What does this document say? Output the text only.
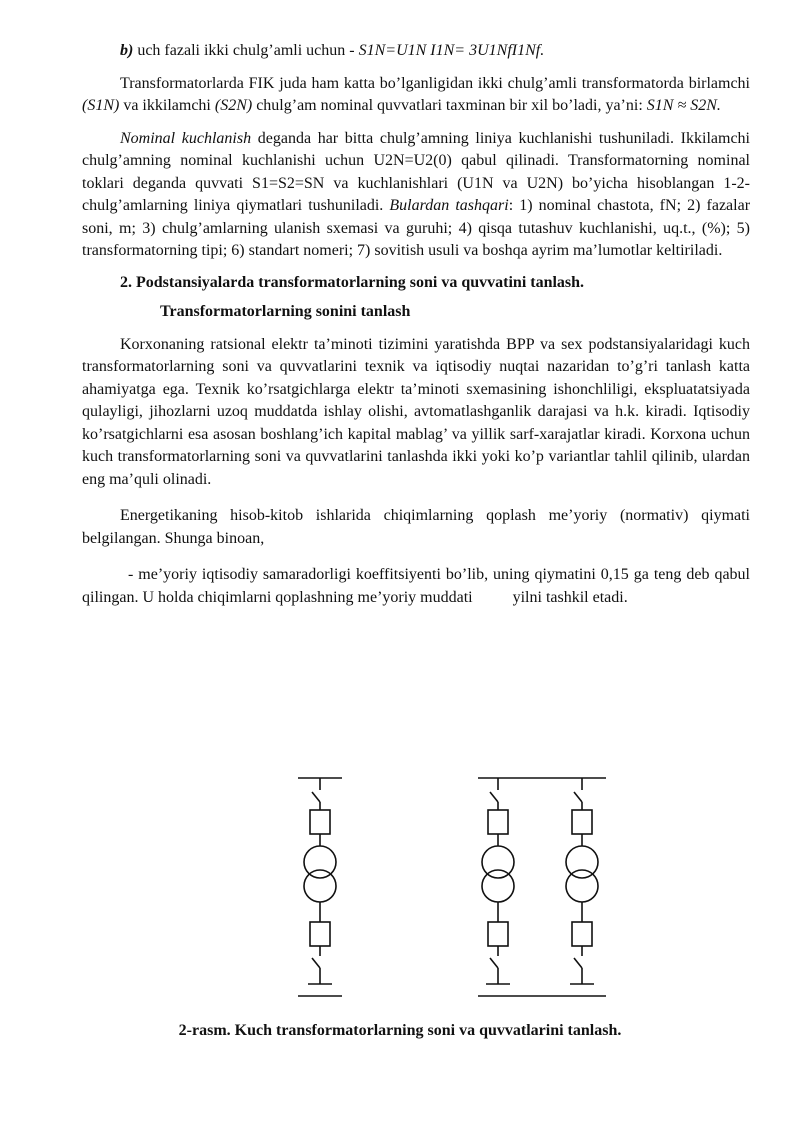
b) uch fazali ikki chulg’amli uchun - S1N=U1N I1N= 3U1NfI1Nf.

Transformatorlarda FIK juda ham katta bo’lganligidan ikki chulg’amli transformatorda birlamchi (S1N) va ikkilamchi (S2N) chulg’am nominal quvvatlari taxminan bir xil bo’ladi, ya’ni: S1N ≈ S2N.

Nominal kuchlanish deganda har bitta chulg’amning liniya kuchlanishi tushuniladi. Ikkilamchi chulg’amning nominal kuchlanishi uchun U2N=U2(0) qabul qilinadi. Transformatorning nominal toklari deganda quvvati S1=S2=SN va kuchlanishlari (U1N va U2N) bo’yicha hisoblangan 1-2-chulg’amlarning liniya qiymatlari tushuniladi. Bulardan tashqari: 1) nominal chastota, fN; 2) fazalar soni, m; 3) chulg’amlarning ulanish sxemasi va guruhi; 4) qisqa tutashuv kuchlanishi, uq.t., (%); 5) transformatorning tipi; 6) standart nomeri; 7) sovitish usuli va boshqa ayrim ma’lumotlar keltiriladi.

2. Podstansiyalarda transformatorlarning soni va quvvatini tanlash.

Transformatorlarning sonini tanlash

Korxonaning ratsional elektr ta’minoti tizimini yaratishda BPP va sex podstansiyalaridagi kuch transformatorlarning soni va quvvatlarini texnik va iqtisodiy nuqtai nazaridan to’g’ri tanlash katta ahamiyatga ega. Texnik ko’rsatgichlarga elektr ta’minoti sxemasining ishonchliligi, ekspluatatsiyada qulayligi, jihozlarni uzoq muddatda ishlay olishi, avtomatlashganlik darajasi va h.k. kiradi. Iqtisodiy ko’rsatgichlarni esa asosan boshlang’ich kapital mablag’ va yillik sarf-xarajatlar kiradi. Korxona uchun kuch transformatorlarning soni va quvvatlarini tanlashda ikki yoki ko’p variantlar tahlil qilinib, ulardan eng ma’quli olinadi.

Energetikaning hisob-kitob ishlarida chiqimlarning qoplash me’yoriy (normativ) qiymati belgilangan. Shunga binoan,

- me’yoriy iqtisodiy samaradorligi koeffitsiyenti bo’lib, uning qiymatini 0,15 ga teng deb qabul qilingan. U holda chiqimlarni qoplashning me’yoriy muddati	yilni tashkil etadi.

2-rasm. Kuch transformatorlarning soni va quvvatlarini tanlash.
